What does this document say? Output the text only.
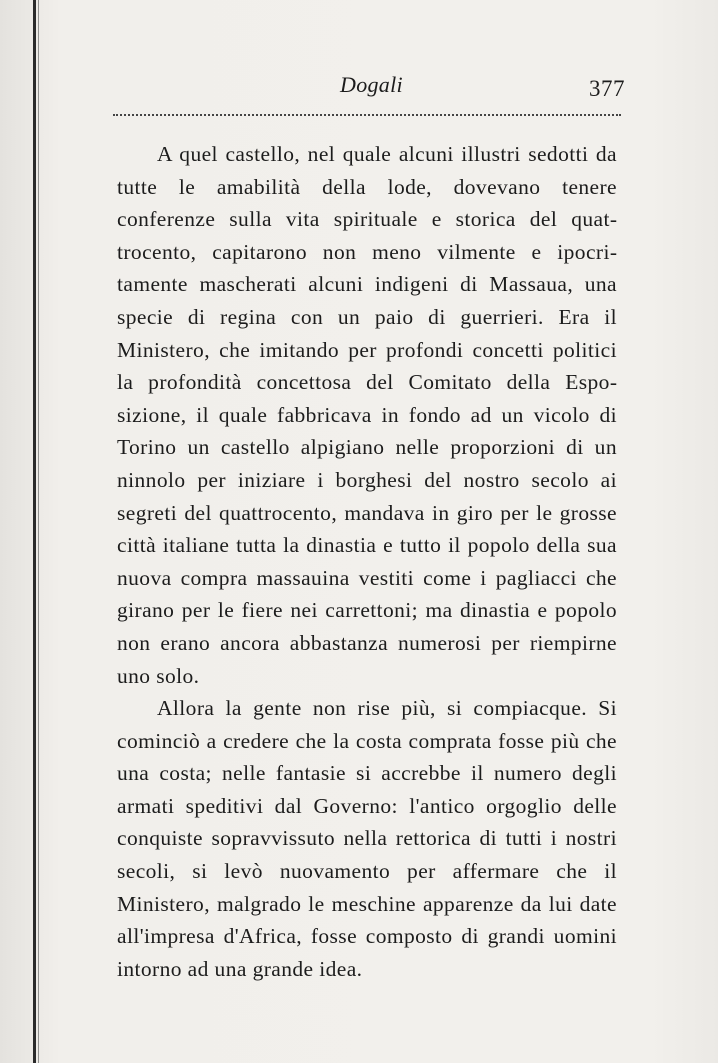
Dogali	377

A quel castello, nel quale alcuni illustri sedotti da tutte le amabilità della lode, dovevano tenere conferenze sulla vita spirituale e storica del quattrocento, capitarono non meno vilmente e ipocritamente mascherati alcuni indigeni di Massaua, una specie di regina con un paio di guerrieri. Era il Ministero, che imitando per profondi concetti politici la profondità concettosa del Comitato della Esposizione, il quale fabbricava in fondo ad un vicolo di Torino un castello alpigiano nelle proporzioni di un ninnolo per iniziare i borghesi del nostro secolo ai segreti del quattrocento, mandava in giro per le grosse città italiane tutta la dinastia e tutto il popolo della sua nuova compra massauina vestiti come i pagliacci che girano per le fiere nei carrettoni; ma dinastia e popolo non erano ancora abbastanza numerosi per riempirne uno solo.

Allora la gente non rise più, si compiacque. Si cominciò a credere che la costa comprata fosse più che una costa; nelle fantasie si accrebbe il numero degli armati speditivi dal Governo: l'antico orgoglio delle conquiste sopravvissuto nella rettorica di tutti i nostri secoli, si levò nuovamento per affermare che il Ministero, malgrado le meschine apparenze da lui date all'impresa d'Africa, fosse composto di grandi uomini intorno ad una grande idea.
